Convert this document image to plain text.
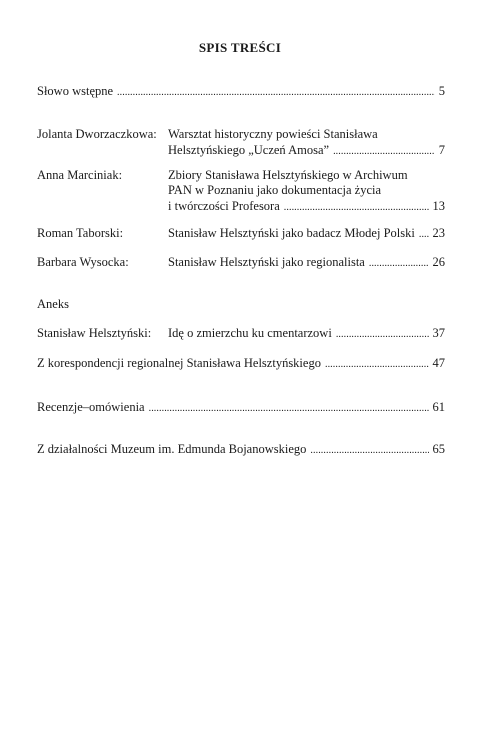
SPIS TREŚCI
Słowo wstępne . . .	5
Jolanta Dworzaczkowa: Warsztat historyczny powieści Stanisława
Helsztyńskiego „Uczeń Amosa” . . .	7
Anna Marciniak:	Zbiory Stanisława Helsztyńskiego w Archiwum
PAN w Poznaniu jako dokumentacja życia
i twórczości Profesora . . .	13
Roman Taborski:	Stanisław Helsztyński jako badacz Młodej Polski . . . 23
Barbara Wysocka:	Stanisław Helsztyński jako regionalista . . .	26
Aneks
Stanisław Helsztyński: Idę o zmierzchu ku cmentarzowi . . .	37
Z korespondencji regionalnej Stanisława Helsztyńskiego . . .	47
Recenzje–omówienia . . .	61
Z działalności Muzeum im. Edmunda Bojanowskiego . . .	65
